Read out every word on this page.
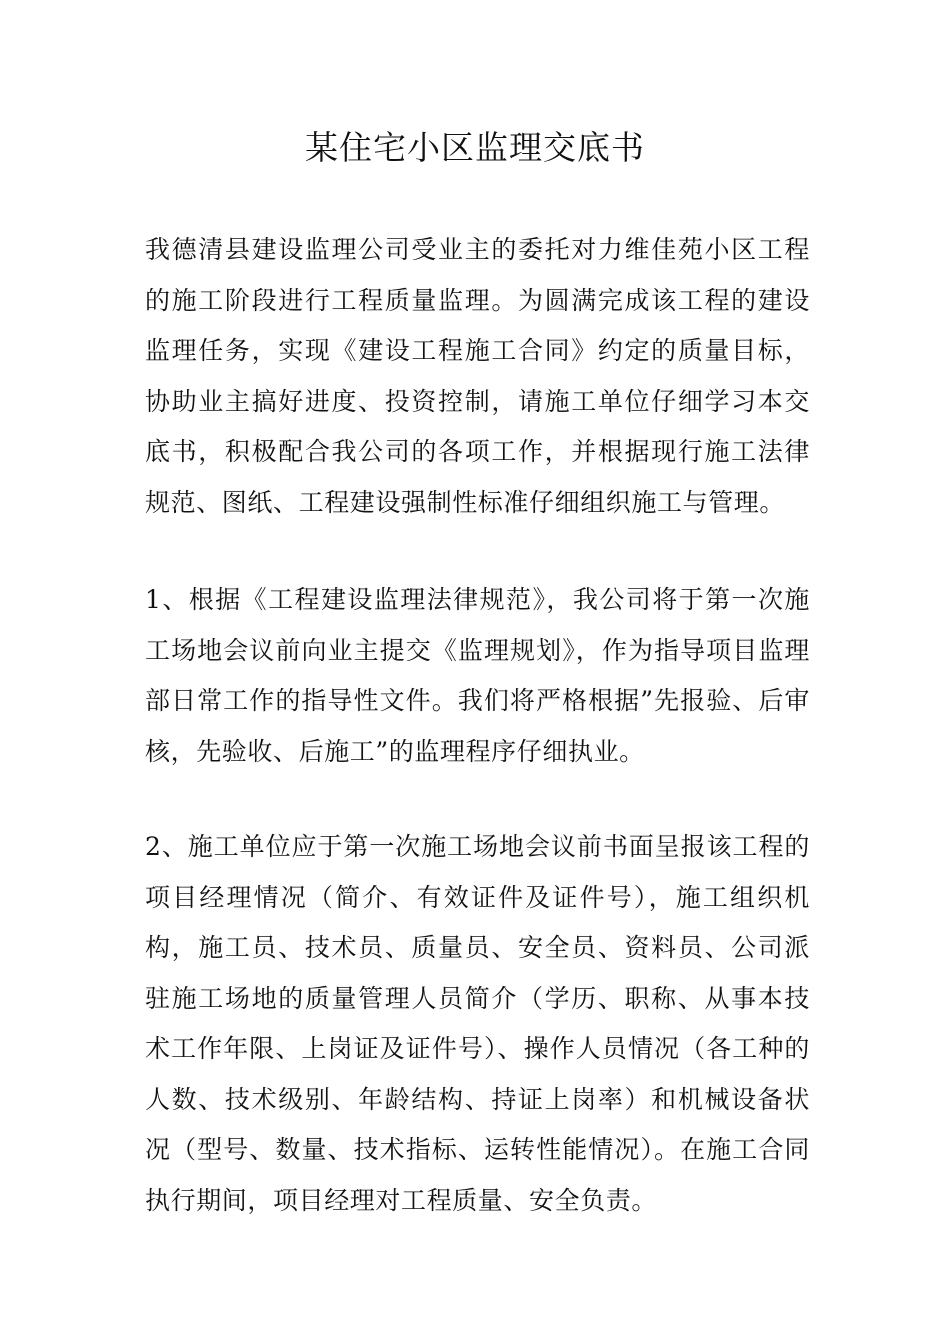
某住宅小区监理交底书

我德清县建设监理公司受业主的委托对力维佳苑小区工程的施工阶段进行工程质量监理。为圆满完成该工程的建设监理任务，实现《建设工程施工合同》约定的质量目标，协助业主搞好进度、投资控制，请施工单位仔细学习本交底书，积极配合我公司的各项工作，并根据现行施工法律规范、图纸、工程建设强制性标准仔细组织施工与管理。

1、根据《工程建设监理法律规范》，我公司将于第一次施工场地会议前向业主提交《监理规划》，作为指导项目监理部日常工作的指导性文件。我们将严格根据”先报验、后审核，先验收、后施工”的监理程序仔细执业。

2、施工单位应于第一次施工场地会议前书面呈报该工程的项目经理情况（简介、有效证件及证件号），施工组织机构，施工员、技术员、质量员、安全员、资料员、公司派驻施工场地的质量管理人员简介（学历、职称、从事本技术工作年限、上岗证及证件号）、操作人员情况（各工种的人数、技术级别、年龄结构、持证上岗率）和机械设备状况（型号、数量、技术指标、运转性能情况）。在施工合同执行期间，项目经理对工程质量、安全负责。
